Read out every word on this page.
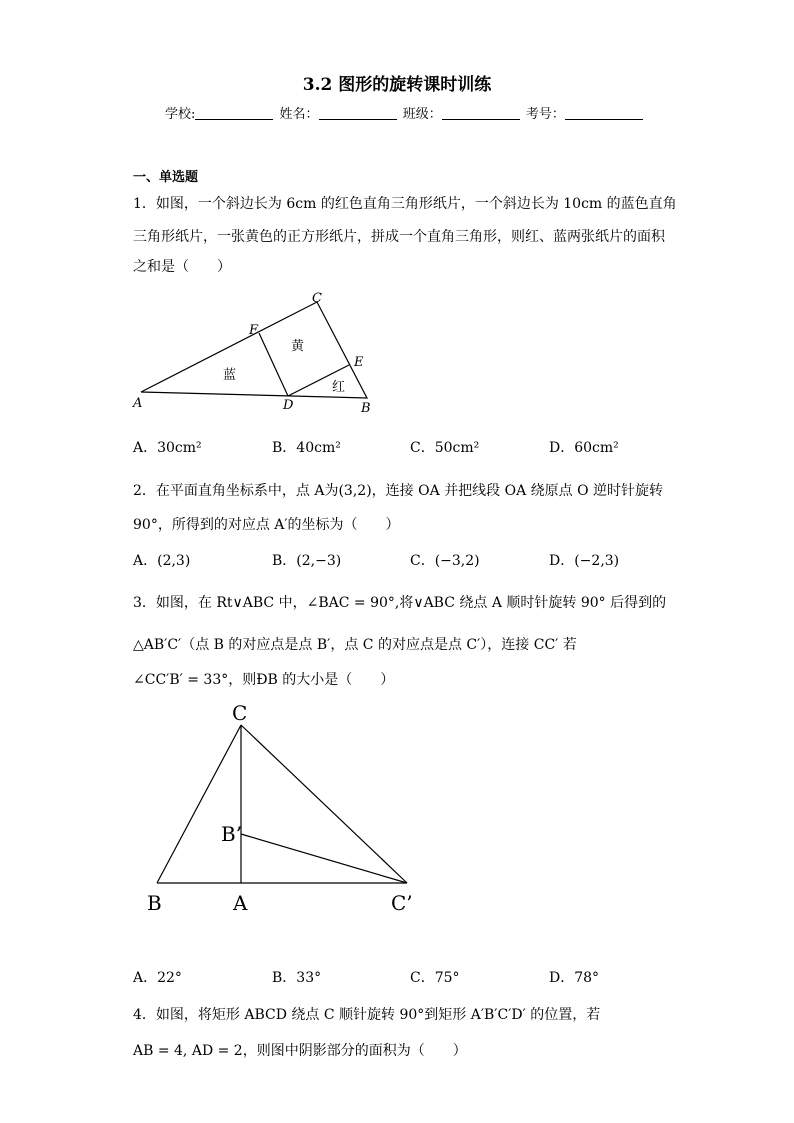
3.2 图形的旋转课时训练
学校:	姓名：	班级：	考号：
一、单选题
1．如图，一个斜边长为 6cm 的红色直角三角形纸片，一个斜边长为 10cm 的蓝色直角
三角形纸片，一张黄色的正方形纸片，拼成一个直角三角形，则红、蓝两张纸片的面积
之和是（　　）
A	B
C
D
E
F
蓝
黄
红
A．30cm²	B．40cm²	C．50cm²	D．60cm²
2．在平面直角坐标系中，点 A为(3,2)，连接 OA 并把线段 OA 绕原点 O 逆时针旋转
90°，所得到的对应点 A′的坐标为（　　）
A．(2,3)	B．(2,−3)	C．(−3,2)	D．(−2,3)
3．如图，在 Rt∨ABC 中，∠BAC = 90°,将∨ABC 绕点 A 顺时针旋转 90° 后得到的
△AB′C′（点 B 的对应点是点 B′，点 C 的对应点是点 C′），连接 CC′ 若
∠CC′B′ = 33°，则ÐB 的大小是（　　）
C
B’
B	A	C’
A．22°	B．33°	C．75°	D．78°
4．如图，将矩形 ABCD 绕点 C 顺针旋转 90°到矩形 A′B′C′D′ 的位置，若
AB = 4, AD = 2，则图中阴影部分的面积为（　　）
